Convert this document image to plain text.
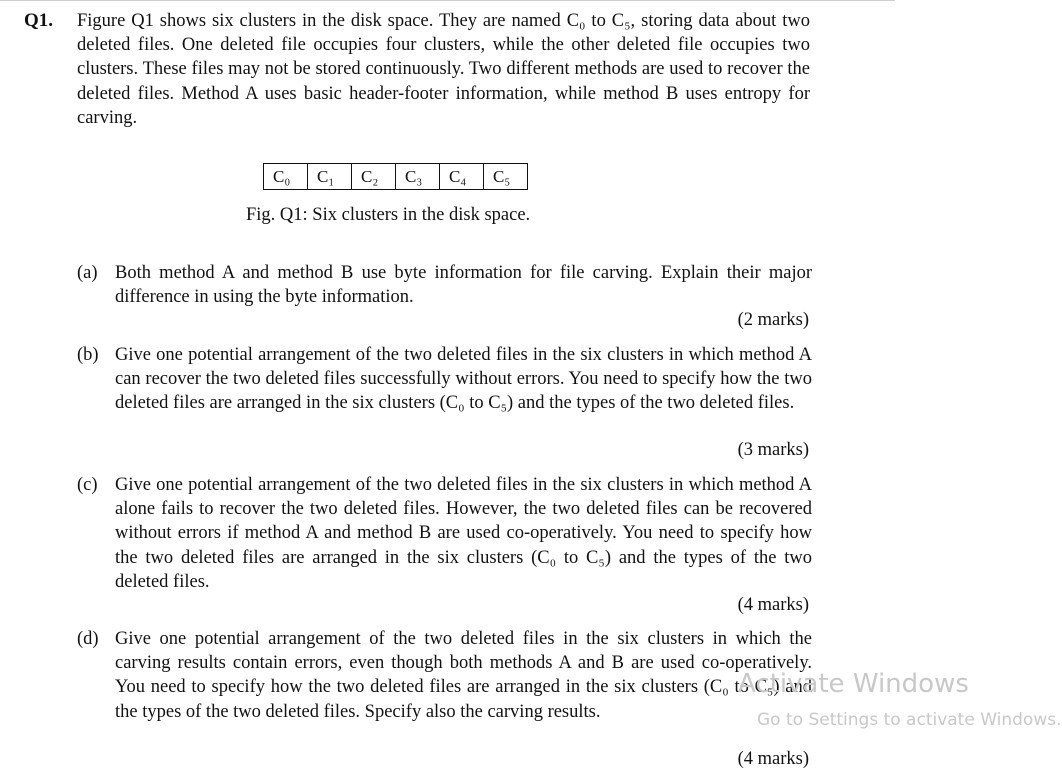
Q1. Figure Q1 shows six clusters in the disk space. They are named C₀ to C₅, storing data about two deleted files. One deleted file occupies four clusters, while the other deleted file occupies two clusters. These files may not be stored continuously. Two different methods are used to recover the deleted files. Method A uses basic header-footer information, while method B uses entropy for carving.
C₀	C₁	C₂	C₃	C₄	C₅
Fig. Q1: Six clusters in the disk space.
(a) Both method A and method B use byte information for file carving. Explain their major difference in using the byte information.
(2 marks)
(b) Give one potential arrangement of the two deleted files in the six clusters in which method A can recover the two deleted files successfully without errors. You need to specify how the two deleted files are arranged in the six clusters (C₀ to C₅) and the types of the two deleted files.
(3 marks)
(c) Give one potential arrangement of the two deleted files in the six clusters in which method A alone fails to recover the two deleted files. However, the two deleted files can be recovered without errors if method A and method B are used co-operatively. You need to specify how the two deleted files are arranged in the six clusters (C₀ to C₅) and the types of the two deleted files.
(4 marks)
(d) Give one potential arrangement of the two deleted files in the six clusters in which the carving results contain errors, even though both methods A and B are used co-operatively. You need to specify how the two deleted files are arranged in the six clusters (C₀ to C₅) and the types of the two deleted files. Specify also the carving results.
(4 marks)
Activate Windows
Go to Settings to activate Windows.
